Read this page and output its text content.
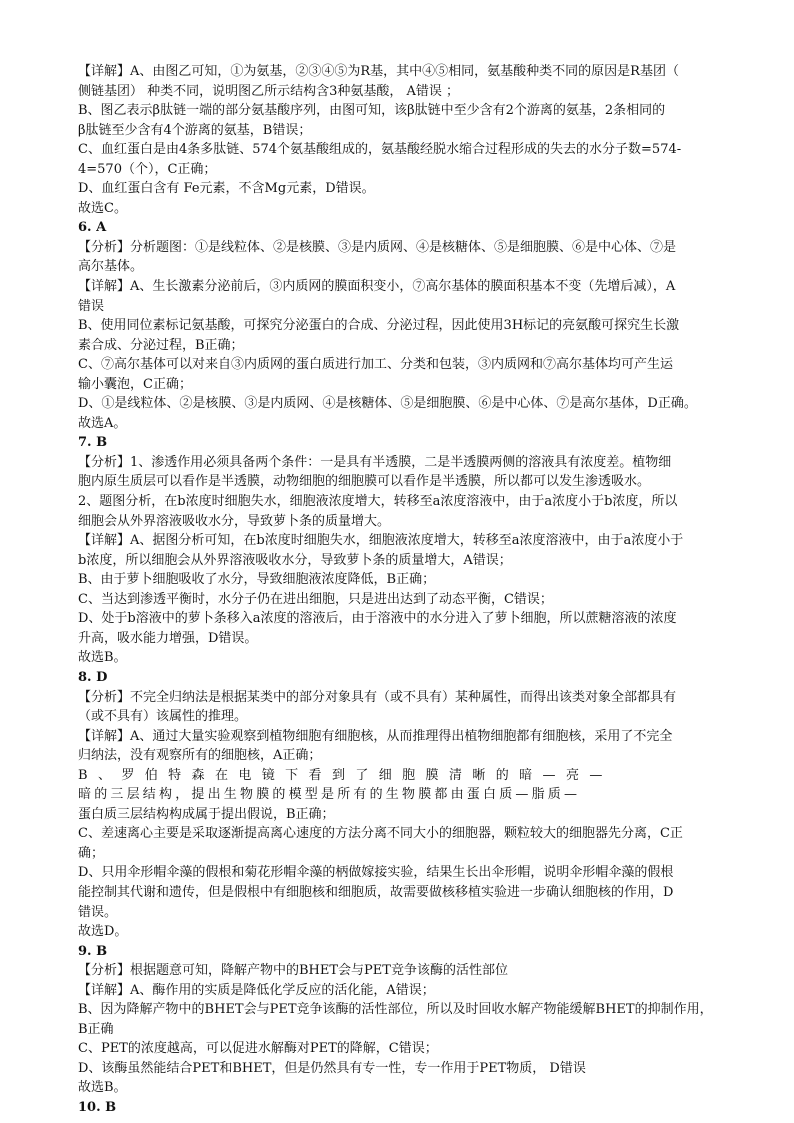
【详解】A、由图乙可知，①为氨基，②③④⑤为R基，其中④⑤相同，氨基酸种类不同的原因是R基团（

侧链基团） 种类不同，说明图乙所示结构含3种氨基酸， A错误 ；

B、图乙表示β肽链一端的部分氨基酸序列，由图可知，该β肽链中至少含有2个游离的氨基，2条相同的

β肽链至少含有4个游离的氨基，B错误；

C、血红蛋白是由4条多肽链、574个氨基酸组成的，氨基酸经脱水缩合过程形成的失去的水分子数=574-

4=570（个），C正确；

D、血红蛋白含有 Fe元素，不含Mg元素，D错误。

故选C。

6. A

【分析】分析题图：①是线粒体、②是核膜、③是内质网、④是核糖体、⑤是细胞膜、⑥是中心体、⑦是

高尔基体。

【详解】A、生长激素分泌前后，③内质网的膜面积变小，⑦高尔基体的膜面积基本不变（先增后减），A

错误

B、使用同位素标记氨基酸，可探究分泌蛋白的合成、分泌过程，因此使用3H标记的亮氨酸可探究生长激

素合成、分泌过程，B正确；

C、⑦高尔基体可以对来自③内质网的蛋白质进行加工、分类和包装，③内质网和⑦高尔基体均可产生运

输小囊泡，C正确；

D、①是线粒体、②是核膜、③是内质网、④是核糖体、⑤是细胞膜、⑥是中心体、⑦是高尔基体，D正确。

故选A。

7. B

【分析】1、渗透作用必须具备两个条件：一是具有半透膜，二是半透膜两侧的溶液具有浓度差。植物细

胞内原生质层可以看作是半透膜，动物细胞的细胞膜可以看作是半透膜，所以都可以发生渗透吸水。

2、题图分析，在b浓度时细胞失水，细胞液浓度增大，转移至a浓度溶液中，由于a浓度小于b浓度，所以

细胞会从外界溶液吸收水分，导致萝卜条的质量增大。

【详解】A、据图分析可知，在b浓度时细胞失水，细胞液浓度增大，转移至a浓度溶液中，由于a浓度小于

b浓度，所以细胞会从外界溶液吸收水分，导致萝卜条的质量增大，A错误；

B、由于萝卜细胞吸收了水分，导致细胞液浓度降低，B正确；

C、当达到渗透平衡时，水分子仍在进出细胞，只是进出达到了动态平衡，C错误；

D、处于b溶液中的萝卜条移入a浓度的溶液后，由于溶液中的水分进入了萝卜细胞，所以蔗糖溶液的浓度

升高，吸水能力增强，D错误。

故选B。

8. D

【分析】不完全归纳法是根据某类中的部分对象具有（或不具有）某种属性，而得出该类对象全部都具有

（或不具有）该属性的推理。

【详解】A、通过大量实验观察到植物细胞有细胞核，从而推理得出植物细胞都有细胞核，采用了不完全

归纳法，没有观察所有的细胞核，A正确；

B、罗伯特森在电镜下看到了细胞膜清晰的暗—亮—

暗的三层结构，提出生物膜的模型是所有的生物膜都由蛋白质—脂质—

蛋白质三层结构构成属于提出假说，B正确；

C、差速离心主要是采取逐渐提高离心速度的方法分离不同大小的细胞器，颗粒较大的细胞器先分离，C正

确；

D、只用伞形帽伞藻的假根和菊花形帽伞藻的柄做嫁接实验，结果生长出伞形帽，说明伞形帽伞藻的假根

能控制其代谢和遗传，但是假根中有细胞核和细胞质，故需要做核移植实验进一步确认细胞核的作用，D

错误。

故选D。

9. B

【分析】根据题意可知，降解产物中的BHET会与PET竞争该酶的活性部位

【详解】A、酶作用的实质是降低化学反应的活化能，A错误；

B、因为降解产物中的BHET会与PET竞争该酶的活性部位，所以及时回收水解产物能缓解BHET的抑制作用，

B正确

C、PET的浓度越高，可以促进水解酶对PET的降解，C错误；

D、该酶虽然能结合PET和BHET，但是仍然具有专一性，专一作用于PET物质， D错误

故选B。

10. B
